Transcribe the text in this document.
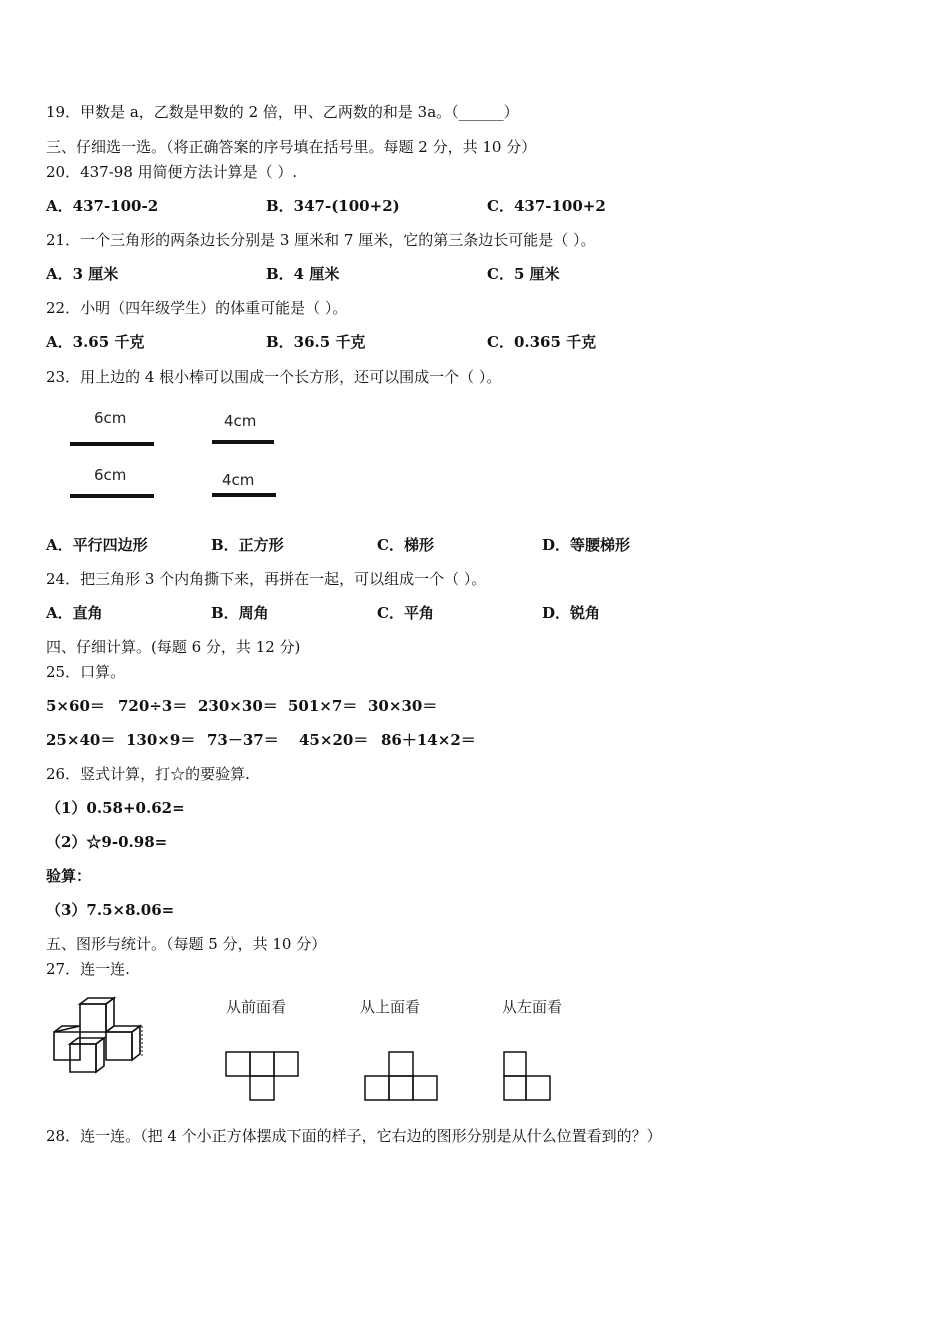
19．甲数是 a，乙数是甲数的 2 倍，甲、乙两数的和是 3a。（______）
三、仔细选一选。（将正确答案的序号填在括号里。每题 2 分，共 10 分）
20．437-98 用简便方法计算是（ ）.
A．437-100-2	B．347-(100+2)	C．437-100+2
21．一个三角形的两条边长分别是 3 厘米和 7 厘米，它的第三条边长可能是（ ）。
A．3 厘米	B．4 厘米	C．5 厘米
22．小明（四年级学生）的体重可能是（ ）。
A．3.65 千克	B．36.5 千克	C．0.365 千克
23．用上边的 4 根小棒可以围成一个长方形，还可以围成一个（ ）。
6cm	4cm
6cm	4cm
A．平行四边形	B．正方形	C．梯形	D．等腰梯形
24．把三角形 3 个内角撕下来，再拼在一起，可以组成一个（ ）。
A．直角	B．周角	C．平角	D．锐角
四、仔细计算。(每题 6 分，共 12 分)
25．口算。
5×60＝ 720÷3＝ 230×30＝ 501×7＝ 30×30＝
25×40＝ 130×9＝ 73－37＝ 45×20＝ 86＋14×2＝
26．竖式计算，打☆的要验算.
（1）0.58+0.62=
（2）☆9-0.98=
验算：
（3）7.5×8.06=
五、图形与统计。（每题 5 分，共 10 分）
27．连一连.
从前面看	从上面看	从左面看
28．连一连。（把 4 个小正方体摆成下面的样子，它右边的图形分别是从什么位置看到的？）
